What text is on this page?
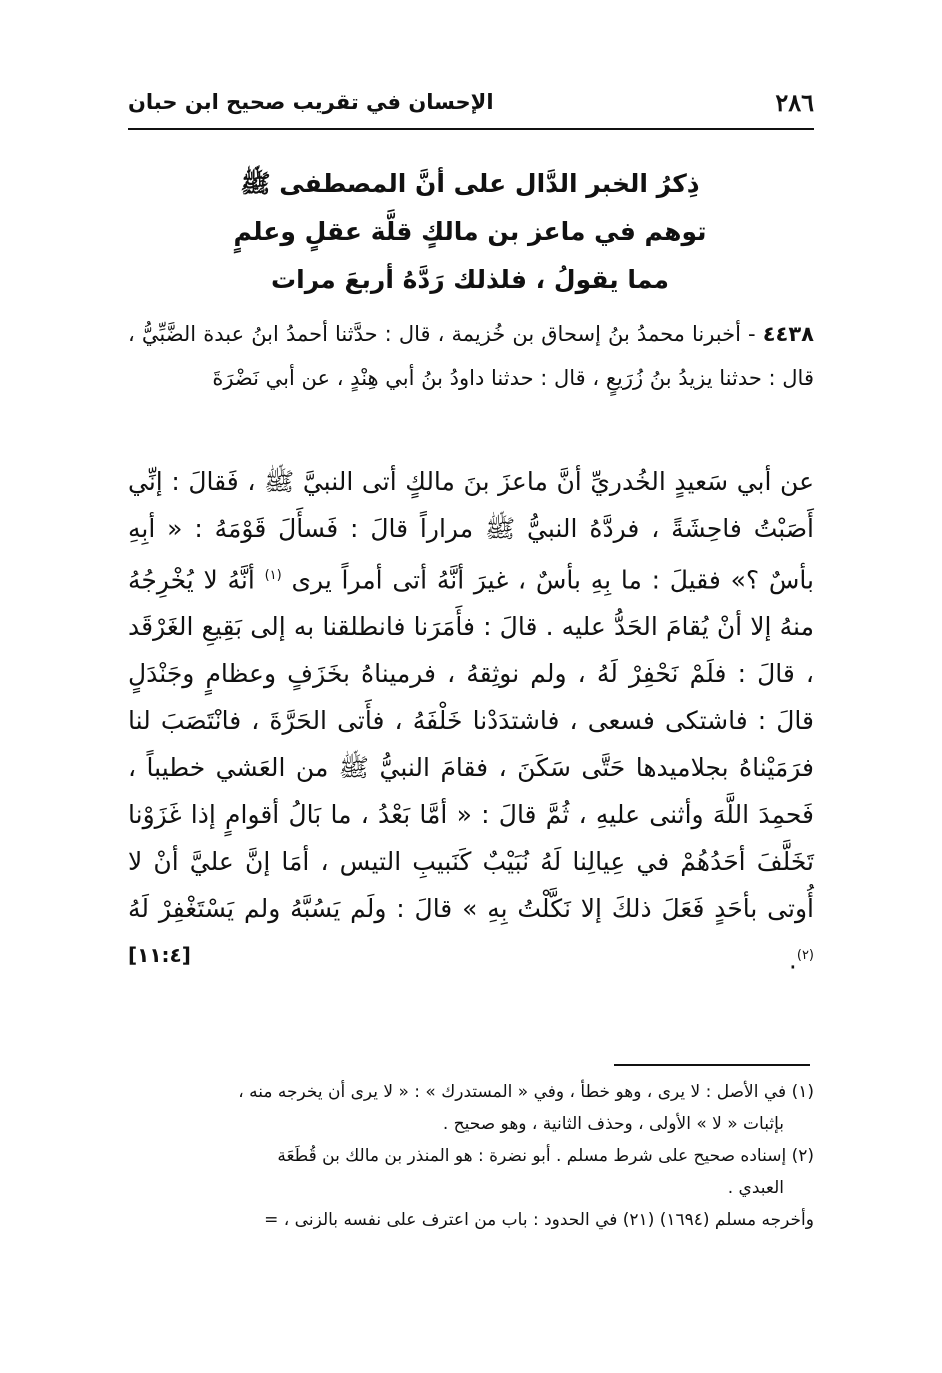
٢٨٦
الإحسان في تقريب صحيح ابن حبان
ذِكرُ الخبر الدَّال على أنَّ المصطفى ﷺ
توهم في ماعز بن مالكٍ قلَّة عقلٍ وعلمٍ
مما يقولُ ، فلذلك رَدَّهُ أربعَ مرات
٤٤٣٨ - أخبرنا محمدُ بنُ إسحاق بن خُزيمة ، قال : حدَّثنا أحمدُ ابنُ عبدة الضَّبِّيُّ ، قال : حدثنا يزيدُ بنُ زُرَيعٍ ، قال : حدثنا داودُ بنُ أبي هِنْدٍ ، عن أبي نَضْرَةَ
عن أبي سَعيدٍ الخُدريِّ أنَّ ماعزَ بنَ مالكٍ أتى النبيَّ ﷺ ، فَقالَ : إنِّي أَصَبْتُ فاحِشَةً ، فردَّهُ النبيُّ ﷺ مراراً قالَ : فَسأَلَ قَوْمَهُ : « أبِهِ بأسٌ ؟» فقيلَ : ما بِهِ بأسٌ ، غيرَ أنَّهُ أتى أمراً يرى $^{(١)}$ أنَّهُ لا يُخْرِجُهُ منهُ إلا أنْ يُقامَ الحَدُّ عليه . قالَ : فأَمَرَنا فانطلقنا به إلى بَقِيعِ الغَرْقَد ، قالَ : فلَمْ نَحْفِرْ لَهُ ، ولم نوثِقهُ ، فرميناهُ بخَزَفٍ وعظامٍ وجَنْدَلٍ قالَ : فاشتكى فسعى ، فاشتدَدْنا خَلْفَهُ ، فأَتى الحَرَّةَ ، فانْتَصَبَ لنا فرَمَيْناهُ بجلاميدها حَتَّى سَكَنَ ، فقامَ النبيُّ ﷺ من العَشي خطيباً ، فَحمِدَ اللَّهَ وأثنى عليهِ ، ثُمَّ قالَ : « أمَّا بَعْدُ ، ما بَالُ أقوامٍ إذا غَزَوْنا تَخَلَّفَ أحَدُهُمْ في عِيالِنا لَهُ نُبَيْبٌ كَنَبيبِ التيس ، أمَا إنَّ عليَّ أنْ لا أُوتى بأحَدٍ فَعَلَ ذلكَ إلا نَكَّلْتُ بِهِ » قالَ : ولَم يَسُبَّهُ ولم يَسْتَغْفِرْ لَهُ $^{(٢)}$.
[١١:٤]

(١) في الأصل : لا يرى ، وهو خطأ ، وفي « المستدرك » : « لا يرى أن يخرجه منه ،

بإثبات « لا » الأولى ، وحذف الثانية ، وهو صحيح .

(٢) إسناده صحيح على شرط مسلم . أبو نضرة : هو المنذر بن مالك بن قُطَعَة

العبدي .

وأخرجه مسلم (١٦٩٤) (٢١) في الحدود : باب من اعترف على نفسه بالزنى ، =
